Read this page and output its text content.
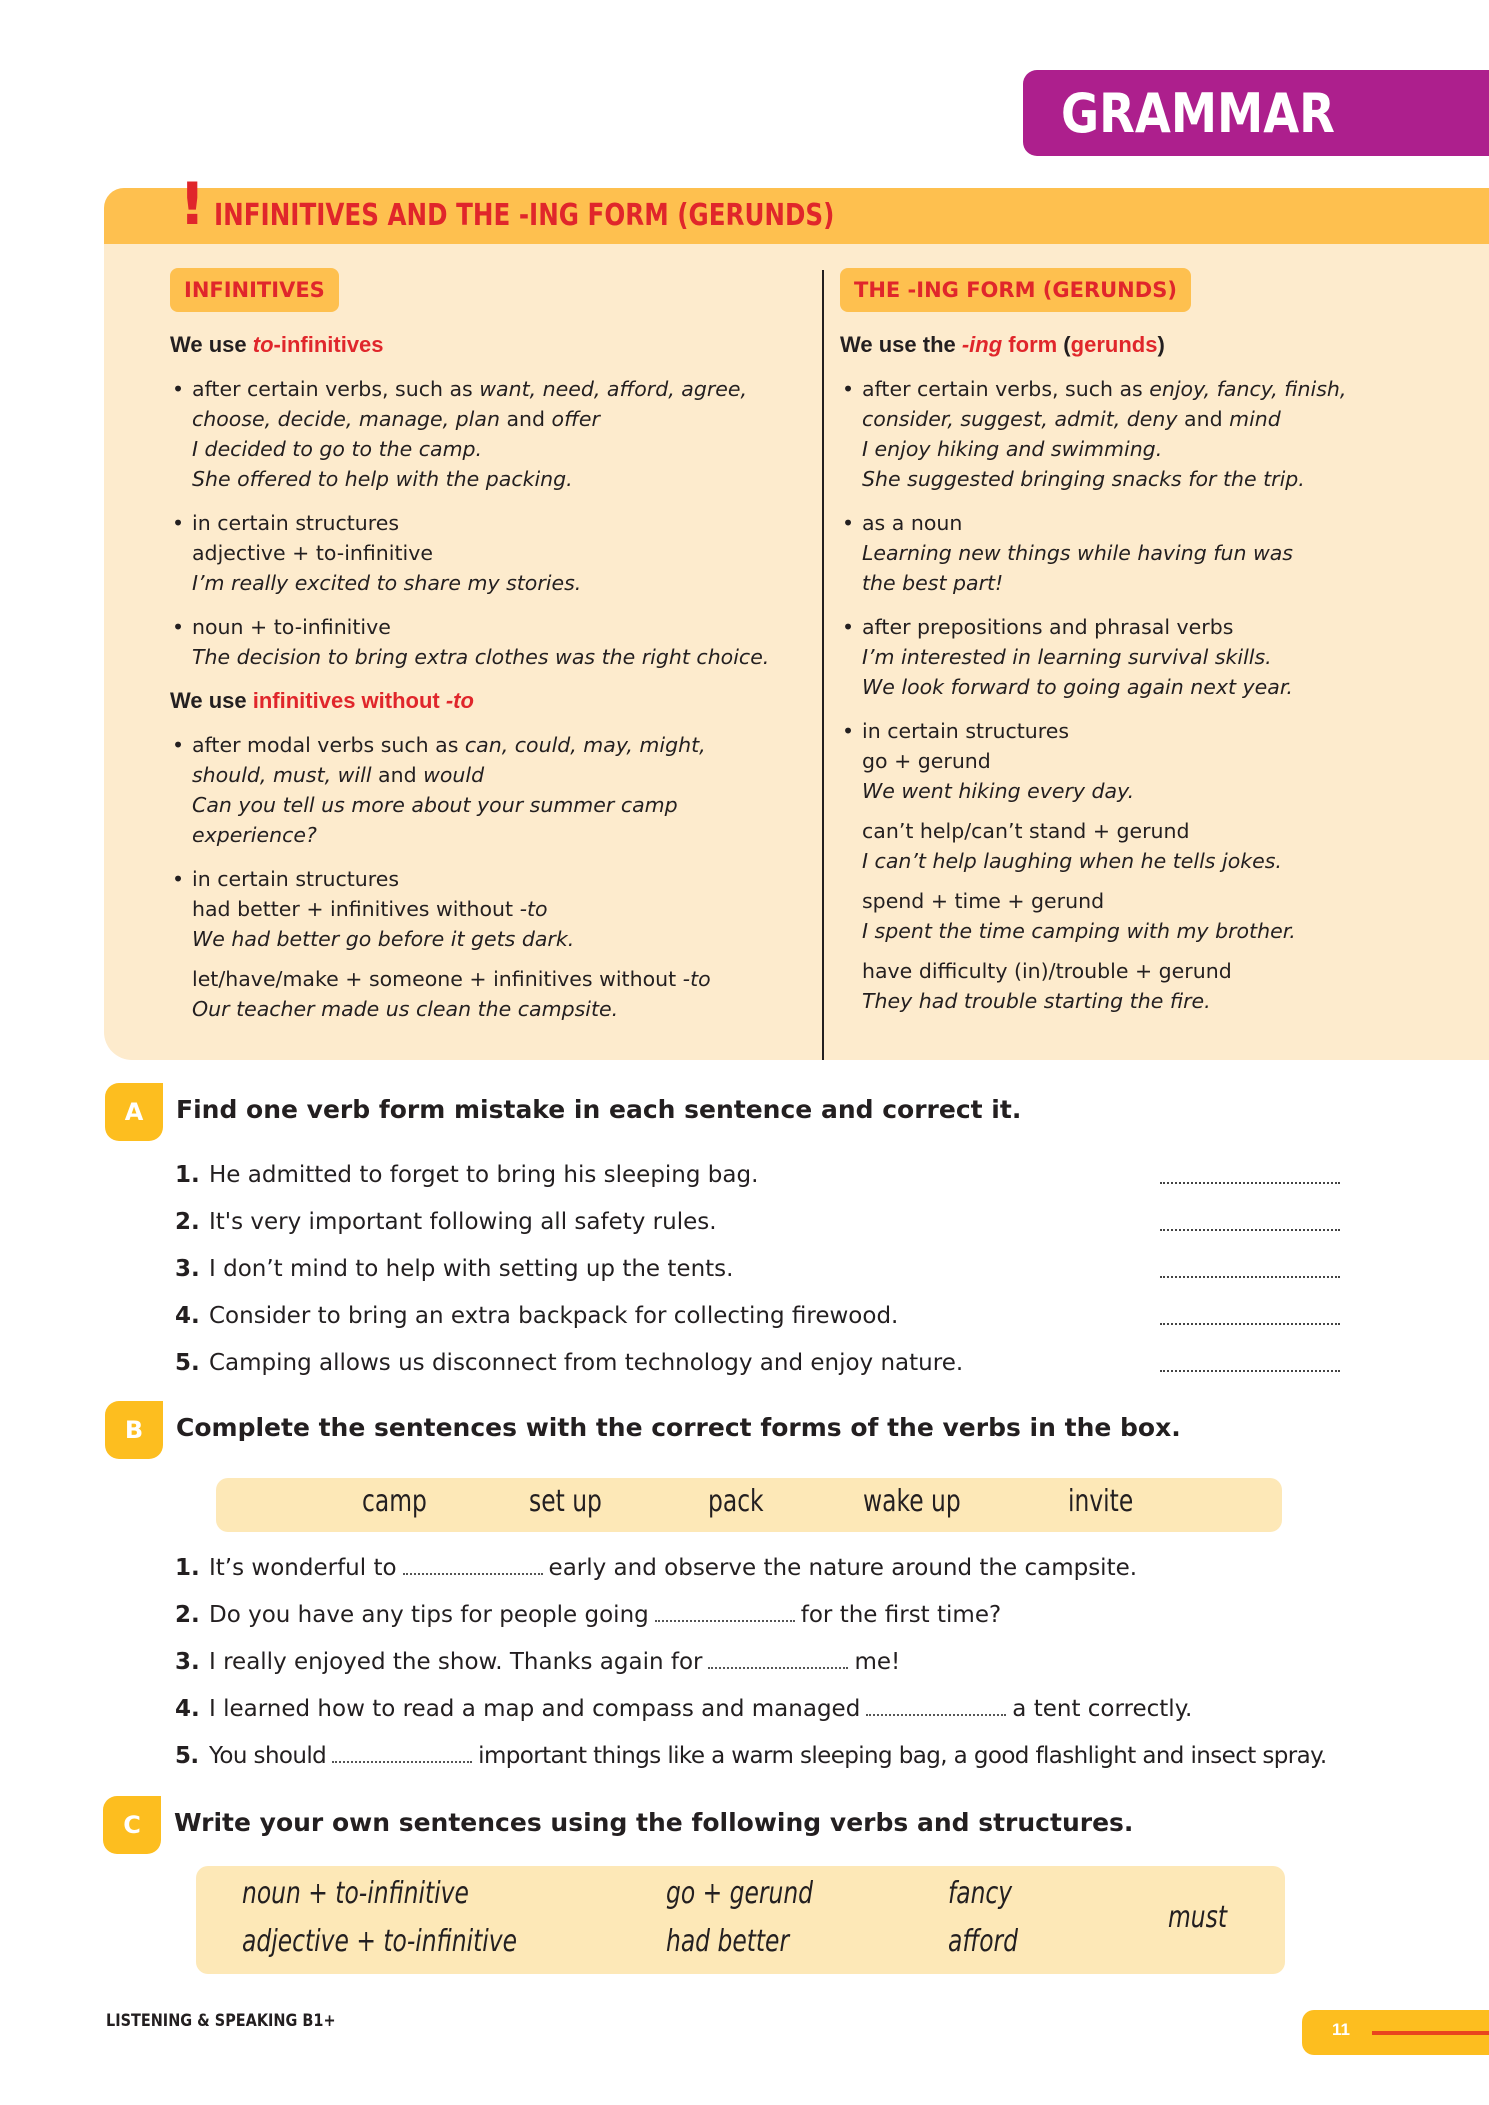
GRAMMAR
! INFINITIVES AND THE -ING FORM (GERUNDS)
INFINITIVES
We use to-infinitives
• after certain verbs, such as want, need, afford, agree,
choose, decide, manage, plan and offer
I decided to go to the camp.
She offered to help with the packing.
• in certain structures
adjective + to-infinitive
I’m really excited to share my stories.
• noun + to-infinitive
The decision to bring extra clothes was the right choice.
We use infinitives without -to
• after modal verbs such as can, could, may, might,
should, must, will and would
Can you tell us more about your summer camp
experience?
• in certain structures
had better + infinitives without -to
We had better go before it gets dark.
let/have/make + someone + infinitives without -to
Our teacher made us clean the campsite.
THE -ING FORM (GERUNDS)
We use the -ing form (gerunds)
• after certain verbs, such as enjoy, fancy, finish,
consider, suggest, admit, deny and mind
I enjoy hiking and swimming.
She suggested bringing snacks for the trip.
• as a noun
Learning new things while having fun was
the best part!
• after prepositions and phrasal verbs
I’m interested in learning survival skills.
We look forward to going again next year.
• in certain structures
go + gerund
We went hiking every day.
can’t help/can’t stand + gerund
I can’t help laughing when he tells jokes.
spend + time + gerund
I spent the time camping with my brother.
have difficulty (in)/trouble + gerund
They had trouble starting the fire.
A	Find one verb form mistake in each sentence and correct it.
1. He admitted to forget to bring his sleeping bag.
2. It's very important following all safety rules.
3. I don’t mind to help with setting up the tents.
4. Consider to bring an extra backpack for collecting firewood.
5. Camping allows us disconnect from technology and enjoy nature.
B	Complete the sentences with the correct forms of the verbs in the box.
camp	set up	pack	wake up	invite
1. It’s wonderful to	early and observe the nature around the campsite.
2. Do you have any tips for people going	for the first time?
3. I really enjoyed the show. Thanks again for	me!
4. I learned how to read a map and compass and managed	a tent correctly.
5. You should	important things like a warm sleeping bag, a good flashlight and insect spray.
C	Write your own sentences using the following verbs and structures.
noun + to-infinitive
adjective + to-infinitive
go + gerund
had better
fancy
afford
must
LISTENING & SPEAKING B1+	11
